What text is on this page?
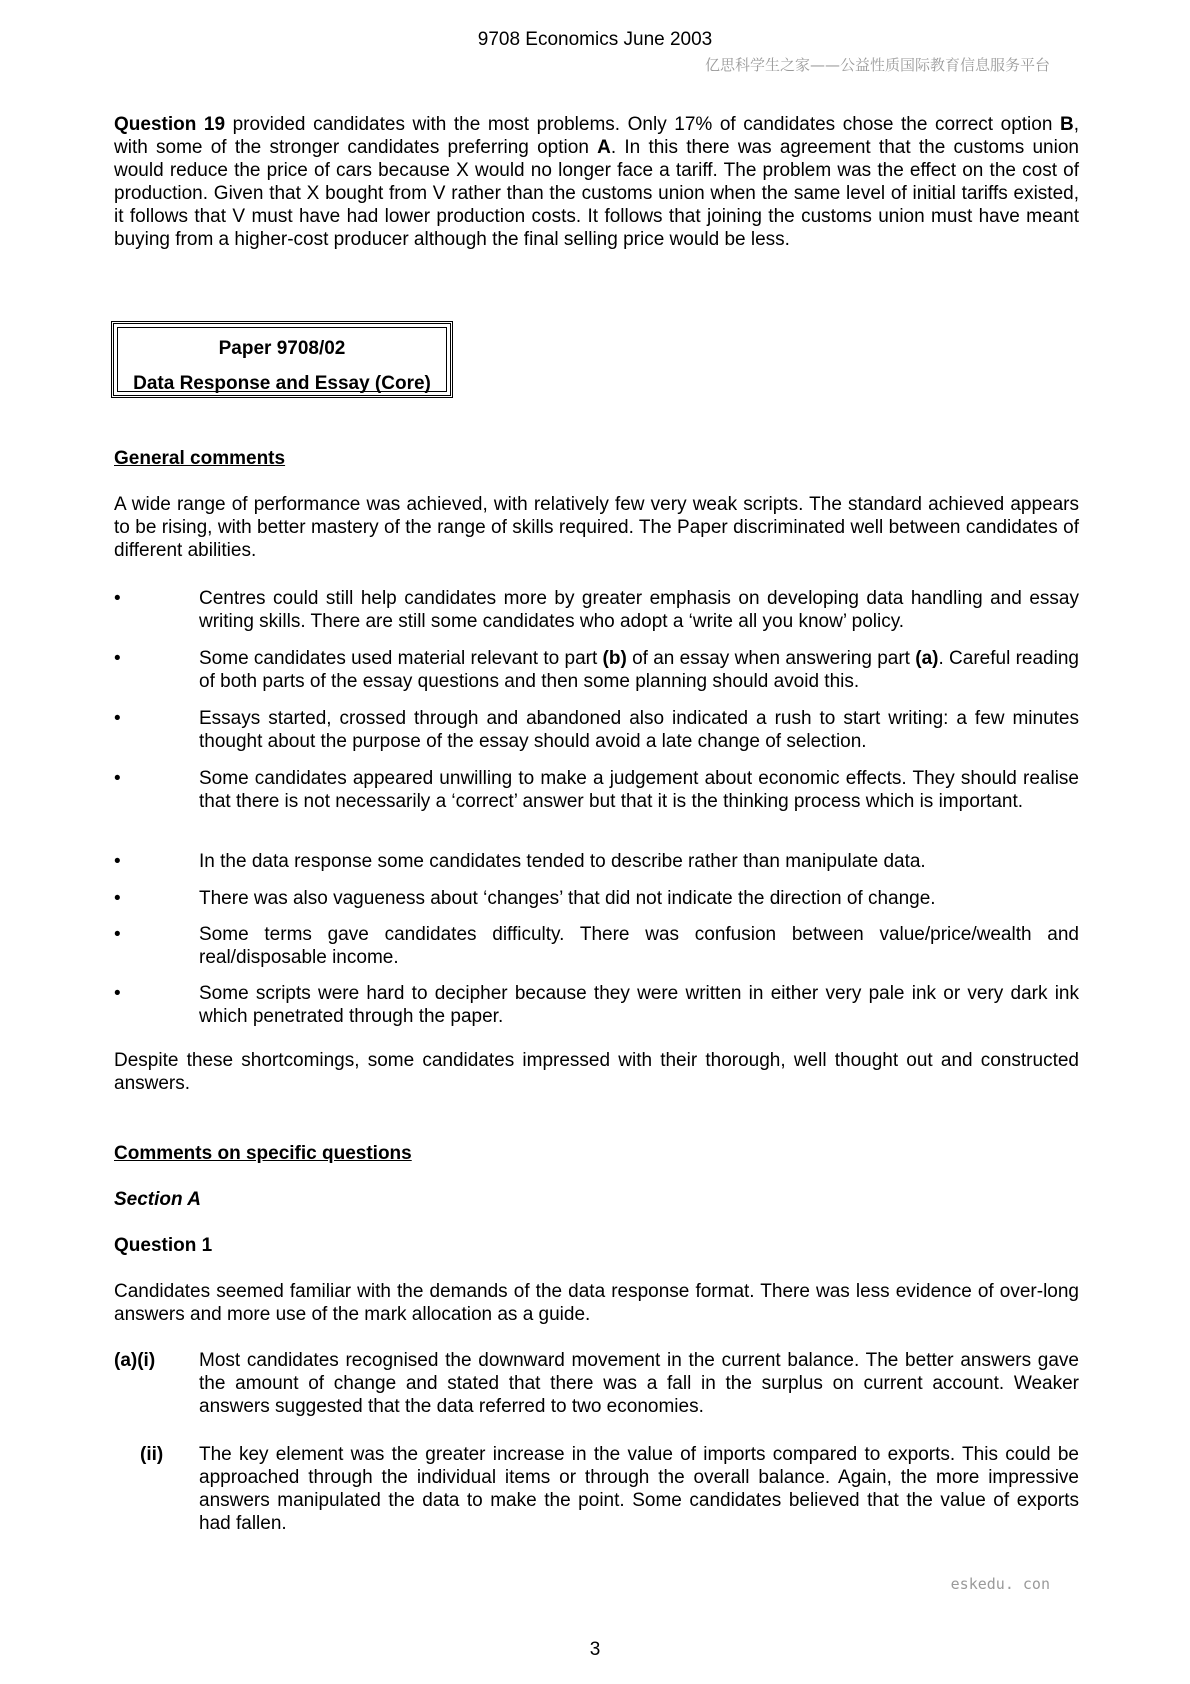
9708 Economics June 2003
亿思科学生之家——公益性质国际教育信息服务平台
Question 19 provided candidates with the most problems. Only 17% of candidates chose the correct option B, with some of the stronger candidates preferring option A. In this there was agreement that the customs union would reduce the price of cars because X would no longer face a tariff. The problem was the effect on the cost of production. Given that X bought from V rather than the customs union when the same level of initial tariffs existed, it follows that V must have had lower production costs. It follows that joining the customs union must have meant buying from a higher-cost producer although the final selling price would be less.
Paper 9708/02
Data Response and Essay (Core)
General comments
A wide range of performance was achieved, with relatively few very weak scripts. The standard achieved appears to be rising, with better mastery of the range of skills required. The Paper discriminated well between candidates of different abilities.
•	Centres could still help candidates more by greater emphasis on developing data handling and essay writing skills. There are still some candidates who adopt a ‘write all you know’ policy.
•	Some candidates used material relevant to part (b) of an essay when answering part (a). Careful reading of both parts of the essay questions and then some planning should avoid this.
•	Essays started, crossed through and abandoned also indicated a rush to start writing: a few minutes thought about the purpose of the essay should avoid a late change of selection.
•	Some candidates appeared unwilling to make a judgement about economic effects. They should realise that there is not necessarily a ‘correct’ answer but that it is the thinking process which is important.
•	In the data response some candidates tended to describe rather than manipulate data.
•	There was also vagueness about ‘changes’ that did not indicate the direction of change.
•	Some terms gave candidates difficulty. There was confusion between value/price/wealth and real/disposable income.
•	Some scripts were hard to decipher because they were written in either very pale ink or very dark ink which penetrated through the paper.
Despite these shortcomings, some candidates impressed with their thorough, well thought out and constructed answers.
Comments on specific questions
Section A
Question 1
Candidates seemed familiar with the demands of the data response format. There was less evidence of over-long answers and more use of the mark allocation as a guide.
(a)(i) Most candidates recognised the downward movement in the current balance. The better answers gave the amount of change and stated that there was a fall in the surplus on current account. Weaker answers suggested that the data referred to two economies.
(ii) The key element was the greater increase in the value of imports compared to exports. This could be approached through the individual items or through the overall balance. Again, the more impressive answers manipulated the data to make the point. Some candidates believed that the value of exports had fallen.
eskedu. con
3
